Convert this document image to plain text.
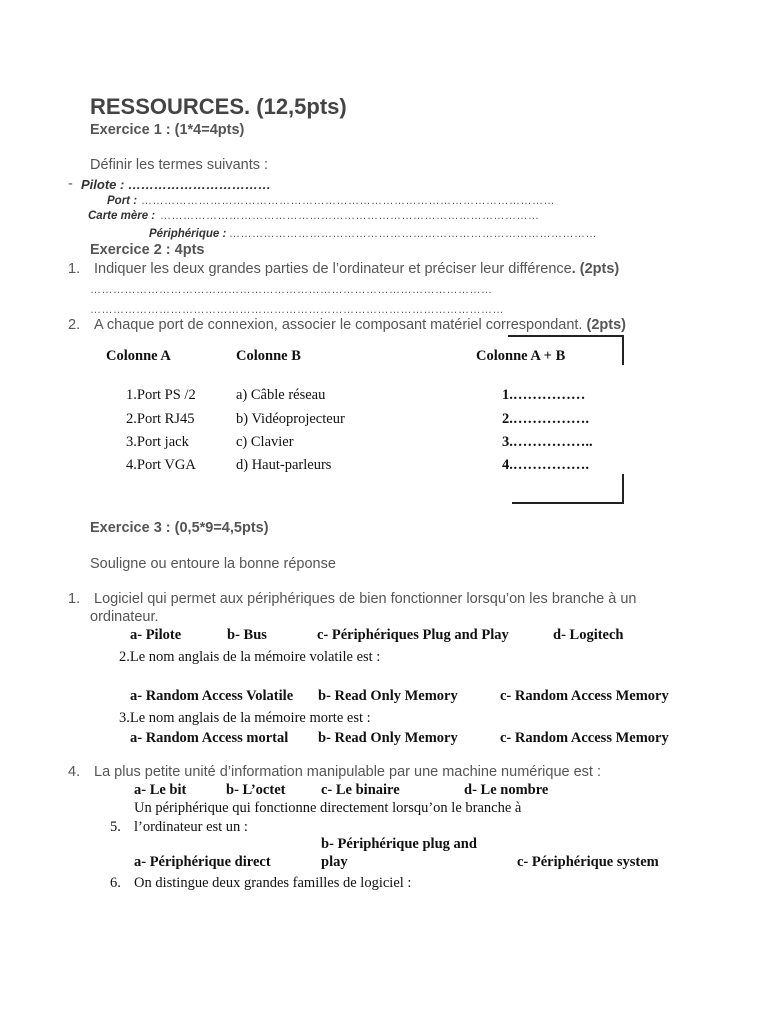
RESSOURCES. (12,5pts)
Exercice 1 : (1*4=4pts)
Définir les termes suivants :
- Pilote : ……………………………
Port : ………………………………………………………………………………………………
Carte mère : ………………………………………………………………………………………
Périphérique : ……………………………………………………………………………………
Exercice 2 : 4pts
1. Indiquer les deux grandes parties de l’ordinateur et préciser leur différence. (2pts)
……………………………………………………………………………………………
………………………………………………………………………………………………
2. A chaque port de connexion, associer le composant matériel correspondant. (2pts)
Colonne A	Colonne B	Colonne A + B
1.Port PS /2	a) Câble réseau	1.……………
2.Port RJ45	b) Vidéoprojecteur	2.…………….
3.Port jack	c) Clavier	3.……………..
4.Port VGA	d) Haut-parleurs	4.…………….
Exercice 3 : (0,5*9=4,5pts)
Souligne ou entoure la bonne réponse
1. Logiciel qui permet aux périphériques de bien fonctionner lorsqu’on les branche à un
ordinateur.
a- Pilote	b- Bus	c- Périphériques Plug and Play	d- Logitech
2.Le nom anglais de la mémoire volatile est :
a- Random Access Volatile b- Read Only Memory	c- Random Access Memory
3.Le nom anglais de la mémoire morte est :
a- Random Access mortal b- Read Only Memory	c- Random Access Memory
4. La plus petite unité d’information manipulable par une machine numérique est :
a- Le bit	b- L’octet c- Le binaire	d- Le nombre
Un périphérique qui fonctionne directement lorsqu’on le branche à
5. l’ordinateur est un :
b- Périphérique plug and
a- Périphérique direct	play	c- Périphérique system
6. On distingue deux grandes familles de logiciel :
